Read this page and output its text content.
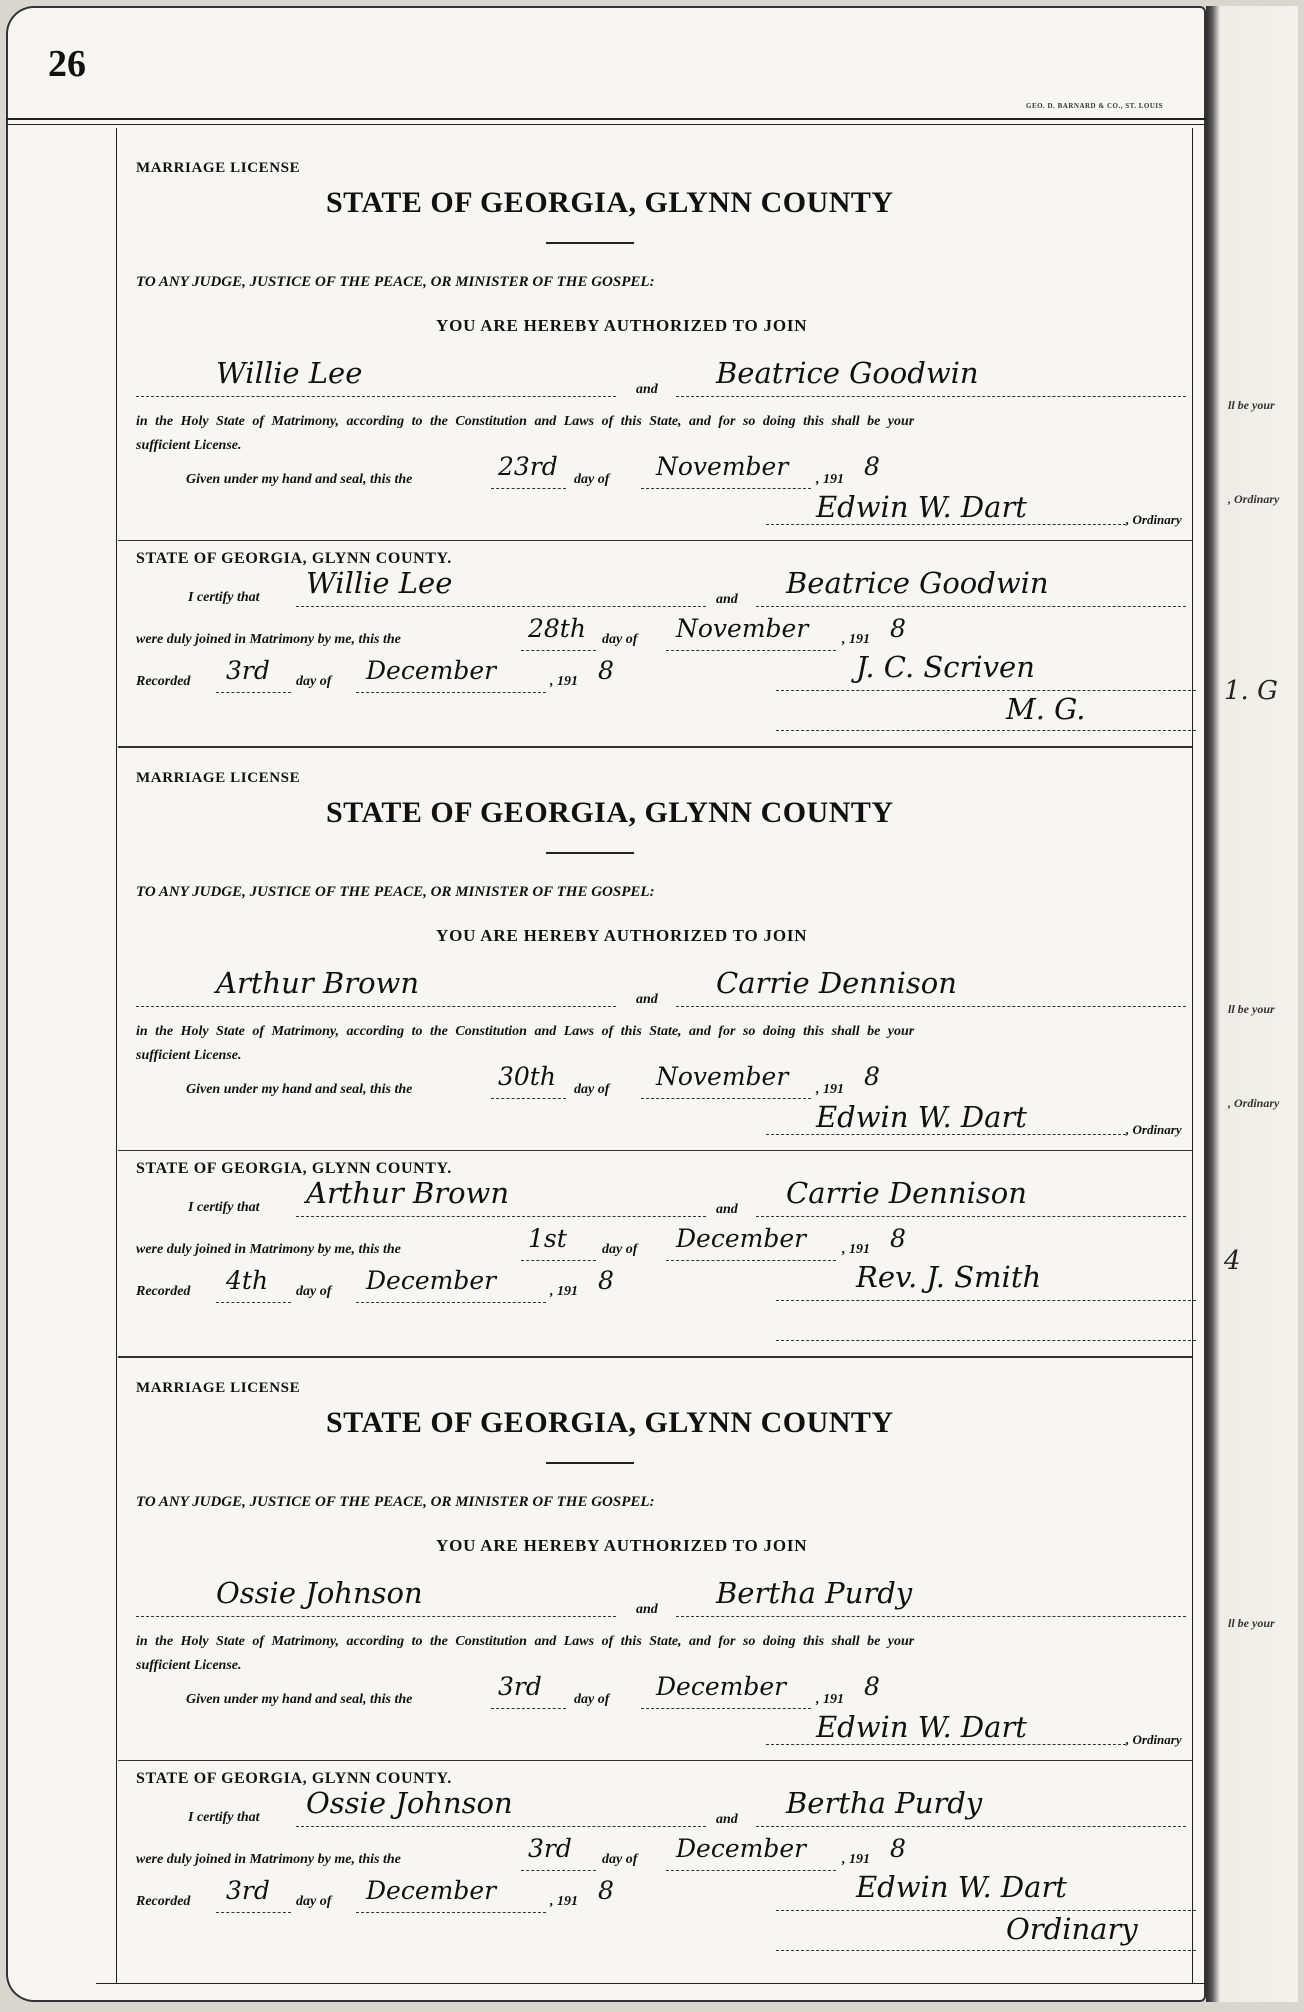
26
GEO. D. BARNARD & CO., ST. LOUIS
MARRIAGE LICENSE
STATE OF GEORGIA, GLYNN COUNTY
TO ANY JUDGE, JUSTICE OF THE PEACE, OR MINISTER OF THE GOSPEL:
YOU ARE HEREBY AUTHORIZED TO JOIN
Willie Lee	and Beatrice Goodwin
in the Holy State of Matrimony, according to the Constitution and Laws of this State, and for so doing this shall be your
sufficient License.
Given under my hand and seal, this the	23rd day of November , 191 8
Edwin W. Dart	, Ordinary
STATE OF GEORGIA, GLYNN COUNTY.
I certify that Willie Lee	and Beatrice Goodwin
were duly joined in Matrimony by me, this the	28th day of November , 191 8
Recorded 3rd day of December	, 191 8	J. C. Scriven
M. G.
MARRIAGE LICENSE
STATE OF GEORGIA, GLYNN COUNTY
TO ANY JUDGE, JUSTICE OF THE PEACE, OR MINISTER OF THE GOSPEL:
YOU ARE HEREBY AUTHORIZED TO JOIN
Arthur Brown	and Carrie Dennison
in the Holy State of Matrimony, according to the Constitution and Laws of this State, and for so doing this shall be your
sufficient License.
Given under my hand and seal, this the	30th day of November , 191 8
Edwin W. Dart	, Ordinary
STATE OF GEORGIA, GLYNN COUNTY.
I certify that Arthur Brown	and Carrie Dennison
were duly joined in Matrimony by me, this the	1st	day of December	, 191 8
Recorded 4th day of December	, 191 8	Rev. J. Smith
MARRIAGE LICENSE
STATE OF GEORGIA, GLYNN COUNTY
TO ANY JUDGE, JUSTICE OF THE PEACE, OR MINISTER OF THE GOSPEL:
YOU ARE HEREBY AUTHORIZED TO JOIN
Ossie Johnson	and Bertha Purdy
in the Holy State of Matrimony, according to the Constitution and Laws of this State, and for so doing this shall be your
sufficient License.
Given under my hand and seal, this the	3rd day of December , 191 8
Edwin W. Dart	, Ordinary
STATE OF GEORGIA, GLYNN COUNTY.
I certify that Ossie Johnson	and Bertha Purdy
were duly joined in Matrimony by me, this the	3rd day of December	, 191 8
Recorded 3rd day of December	, 191 8	Edwin W. Dart
Ordinary
ll be your
, Ordinary
1. G
ll be your
, Ordinary
4
ll be your
